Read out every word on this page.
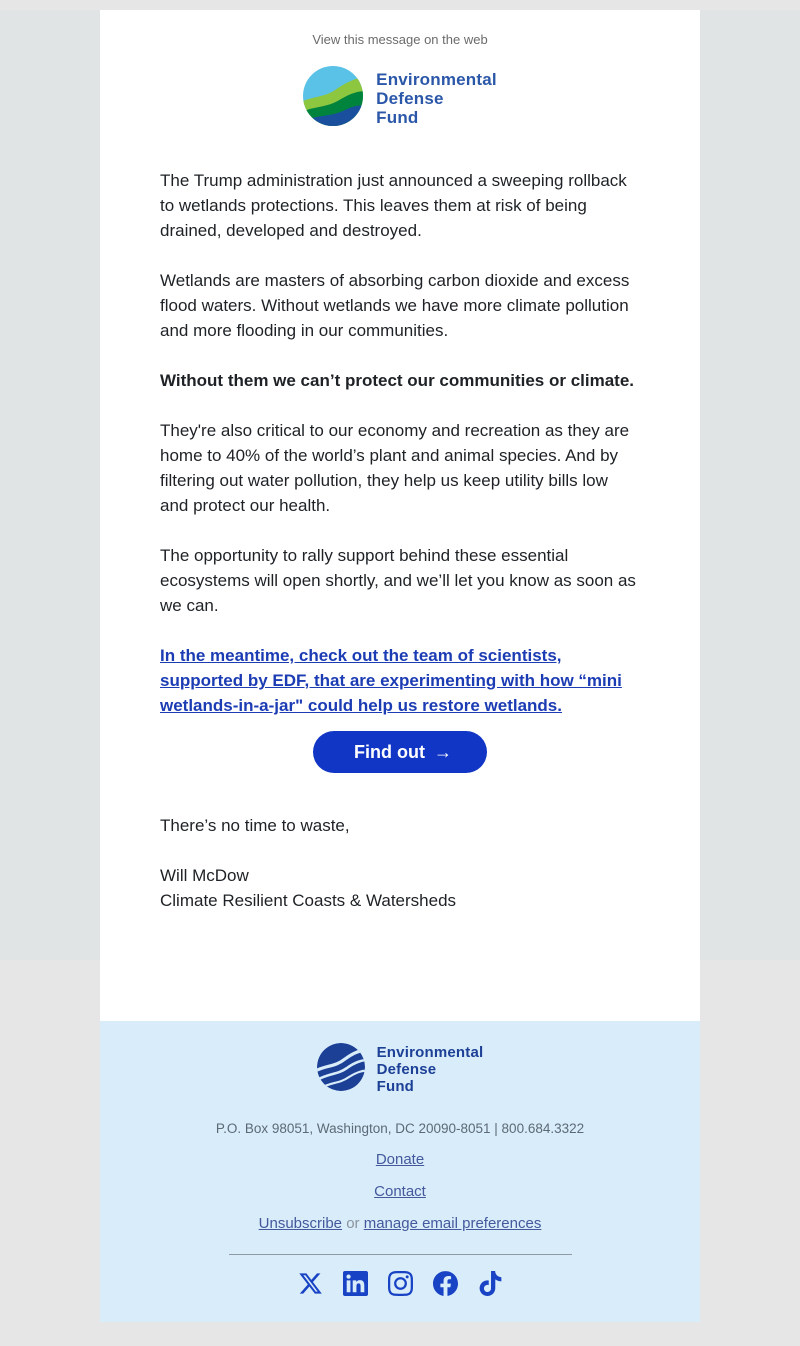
View this message on the web
Environmental
Defense
Fund

The Trump administration just announced a sweeping rollback to wetlands protections. This leaves them at risk of being drained, developed and destroyed.

Wetlands are masters of absorbing carbon dioxide and excess flood waters. Without wetlands we have more climate pollution and more flooding in our communities.

Without them we can’t protect our communities or climate.

They're also critical to our economy and recreation as they are home to 40% of the world’s plant and animal species. And by filtering out water pollution, they help us keep utility bills low and protect our health.

The opportunity to rally support behind these essential ecosystems will open shortly, and we’ll let you know as soon as we can.

In the meantime, check out the team of scientists, supported by EDF, that are experimenting with how “mini wetlands-in-a-jar" could help us restore wetlands.

Find out →

There’s no time to waste,

Will McDow
Climate Resilient Coasts & Watersheds

Environmental
Defense
Fund
P.O. Box 98051, Washington, DC 20090-8051 | 800.684.3322
Donate
Contact
Unsubscribe or manage email preferences
